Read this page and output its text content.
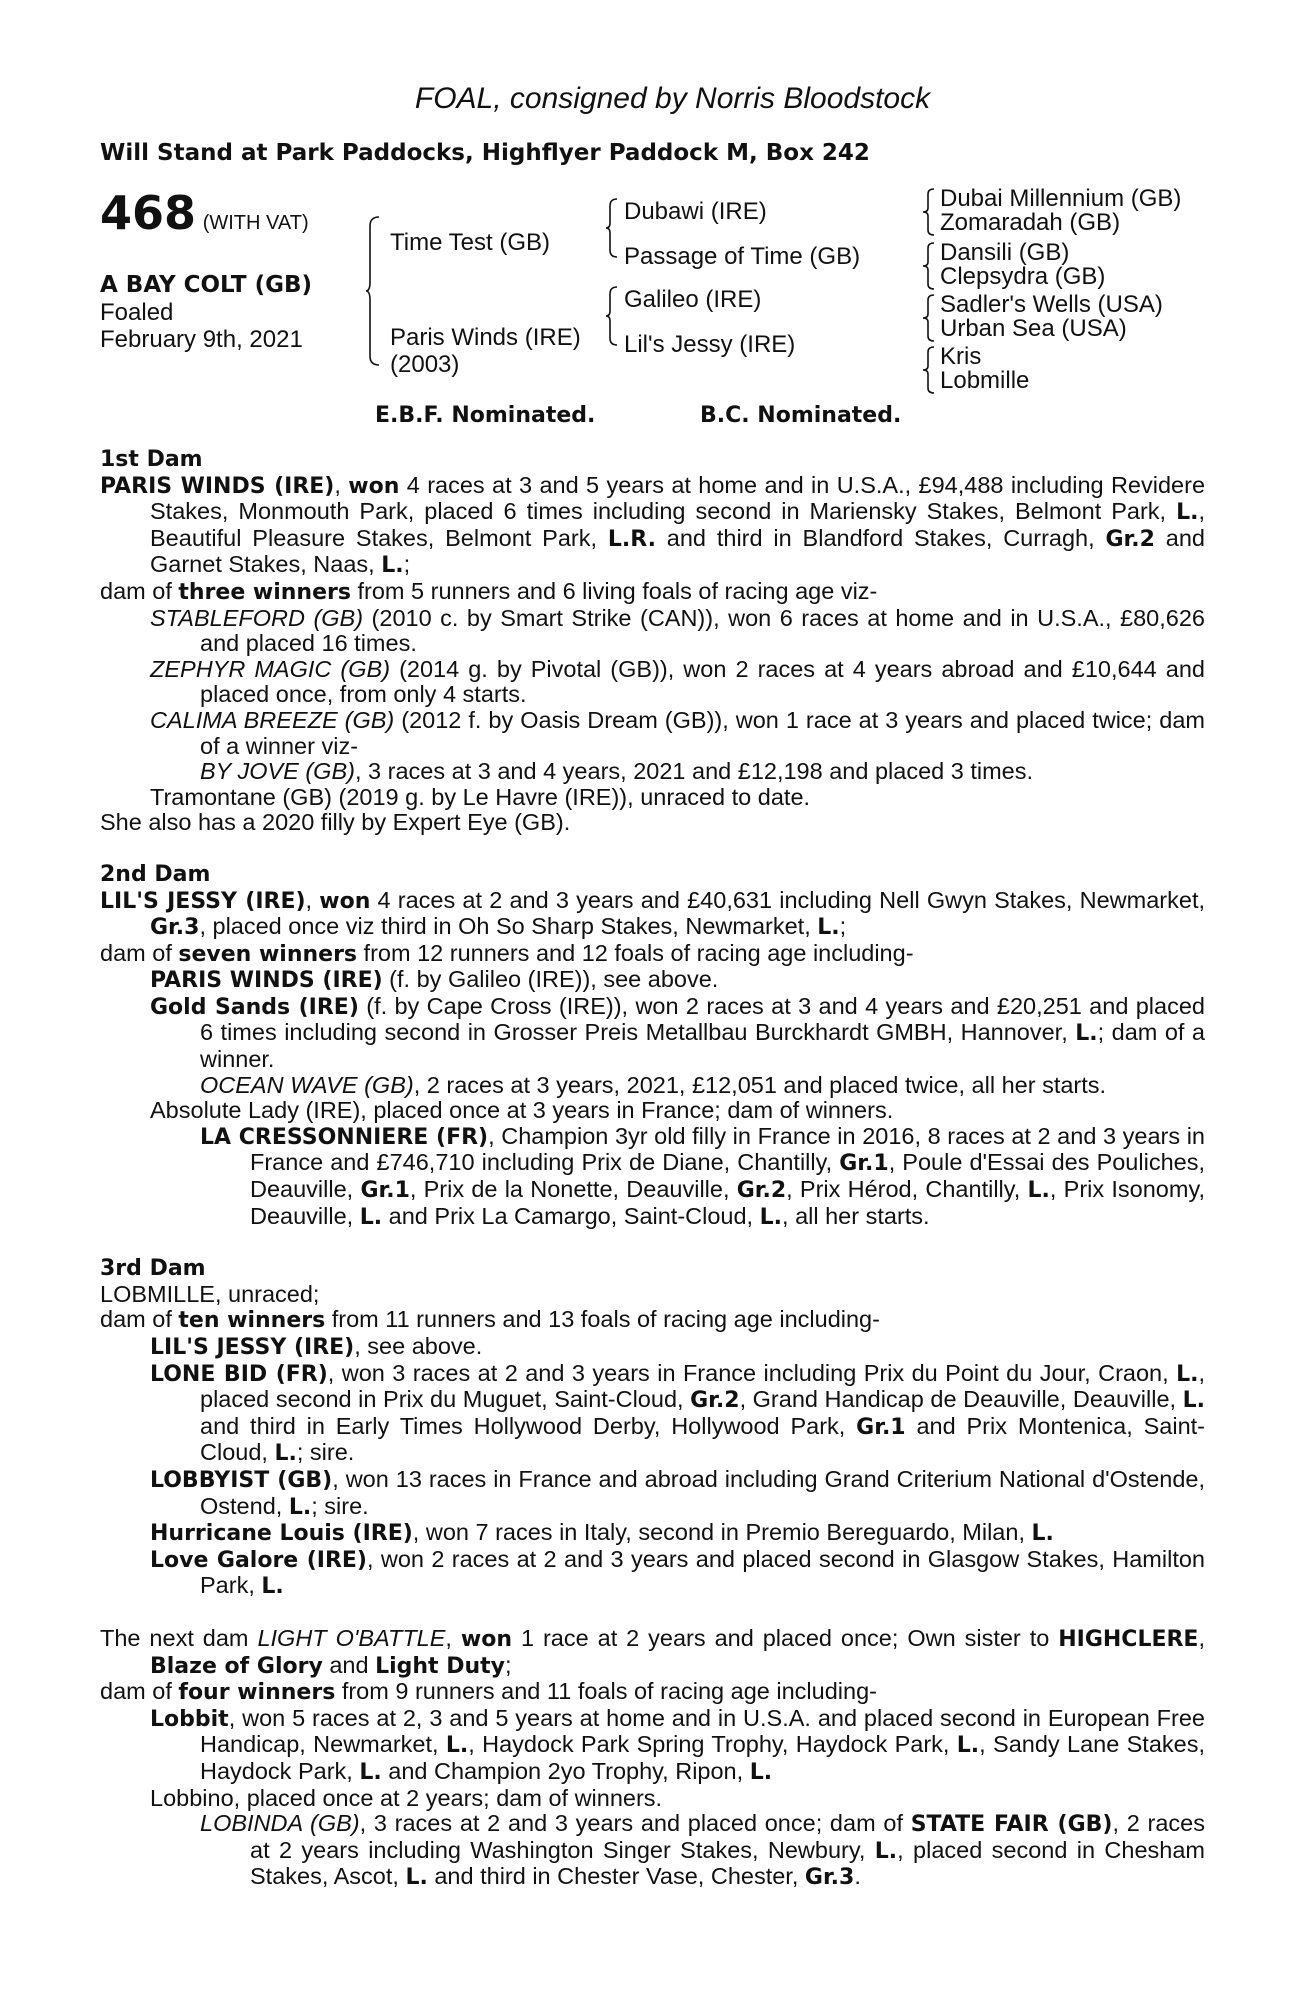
FOAL, consigned by Norris Bloodstock
Will Stand at Park Paddocks, Highflyer Paddock M, Box 242
468 (WITH VAT)
A BAY COLT (GB)
Foaled
February 9th, 2021
Time Test (GB)
Paris Winds (IRE)
(2003)
Dubawi (IRE)
Passage of Time (GB)
Galileo (IRE)
Lil's Jessy (IRE)
Dubai Millennium (GB)
Zomaradah (GB)
Dansili (GB)
Clepsydra (GB)
Sadler's Wells (USA)
Urban Sea (USA)
Kris
Lobmille
E.B.F. Nominated.	B.C. Nominated.
1st Dam

PARIS WINDS (IRE), won 4 races at 3 and 5 years at home and in U.S.A., £94,488 including Revidere Stakes, Monmouth Park, placed 6 times including second in Mariensky Stakes, Belmont Park, L., Beautiful Pleasure Stakes, Belmont Park, L.R. and third in Blandford Stakes, Curragh, Gr.2 and Garnet Stakes, Naas, L.;

dam of three winners from 5 runners and 6 living foals of racing age viz-

STABLEFORD (GB) (2010 c. by Smart Strike (CAN)), won 6 races at home and in U.S.A., £80,626 and placed 16 times.

ZEPHYR MAGIC (GB) (2014 g. by Pivotal (GB)), won 2 races at 4 years abroad and £10,644 and placed once, from only 4 starts.

CALIMA BREEZE (GB) (2012 f. by Oasis Dream (GB)), won 1 race at 3 years and placed twice; dam of a winner viz-

BY JOVE (GB), 3 races at 3 and 4 years, 2021 and £12,198 and placed 3 times.

Tramontane (GB) (2019 g. by Le Havre (IRE)), unraced to date.

She also has a 2020 filly by Expert Eye (GB).

2nd Dam

LIL'S JESSY (IRE), won 4 races at 2 and 3 years and £40,631 including Nell Gwyn Stakes, Newmarket, Gr.3, placed once viz third in Oh So Sharp Stakes, Newmarket, L.;

dam of seven winners from 12 runners and 12 foals of racing age including-

PARIS WINDS (IRE) (f. by Galileo (IRE)), see above.

Gold Sands (IRE) (f. by Cape Cross (IRE)), won 2 races at 3 and 4 years and £20,251 and placed 6 times including second in Grosser Preis Metallbau Burckhardt GMBH, Hannover, L.; dam of a winner.

OCEAN WAVE (GB), 2 races at 3 years, 2021, £12,051 and placed twice, all her starts.

Absolute Lady (IRE), placed once at 3 years in France; dam of winners.

LA CRESSONNIERE (FR), Champion 3yr old filly in France in 2016, 8 races at 2 and 3 years in France and £746,710 including Prix de Diane, Chantilly, Gr.1, Poule d'Essai des Pouliches, Deauville, Gr.1, Prix de la Nonette, Deauville, Gr.2, Prix Hérod, Chantilly, L., Prix Isonomy, Deauville, L. and Prix La Camargo, Saint-Cloud, L., all her starts.

3rd Dam

LOBMILLE, unraced;

dam of ten winners from 11 runners and 13 foals of racing age including-

LIL'S JESSY (IRE), see above.

LONE BID (FR), won 3 races at 2 and 3 years in France including Prix du Point du Jour, Craon, L., placed second in Prix du Muguet, Saint-Cloud, Gr.2, Grand Handicap de Deauville, Deauville, L. and third in Early Times Hollywood Derby, Hollywood Park, Gr.1 and Prix Montenica, Saint-Cloud, L.; sire.

LOBBYIST (GB), won 13 races in France and abroad including Grand Criterium National d'Ostende, Ostend, L.; sire.

Hurricane Louis (IRE), won 7 races in Italy, second in Premio Bereguardo, Milan, L.

Love Galore (IRE), won 2 races at 2 and 3 years and placed second in Glasgow Stakes, Hamilton Park, L.

The next dam LIGHT O'BATTLE, won 1 race at 2 years and placed once; Own sister to HIGHCLERE, Blaze of Glory and Light Duty;

dam of four winners from 9 runners and 11 foals of racing age including-

Lobbit, won 5 races at 2, 3 and 5 years at home and in U.S.A. and placed second in European Free Handicap, Newmarket, L., Haydock Park Spring Trophy, Haydock Park, L., Sandy Lane Stakes, Haydock Park, L. and Champion 2yo Trophy, Ripon, L.

Lobbino, placed once at 2 years; dam of winners.

LOBINDA (GB), 3 races at 2 and 3 years and placed once; dam of STATE FAIR (GB), 2 races at 2 years including Washington Singer Stakes, Newbury, L., placed second in Chesham Stakes, Ascot, L. and third in Chester Vase, Chester, Gr.3.
